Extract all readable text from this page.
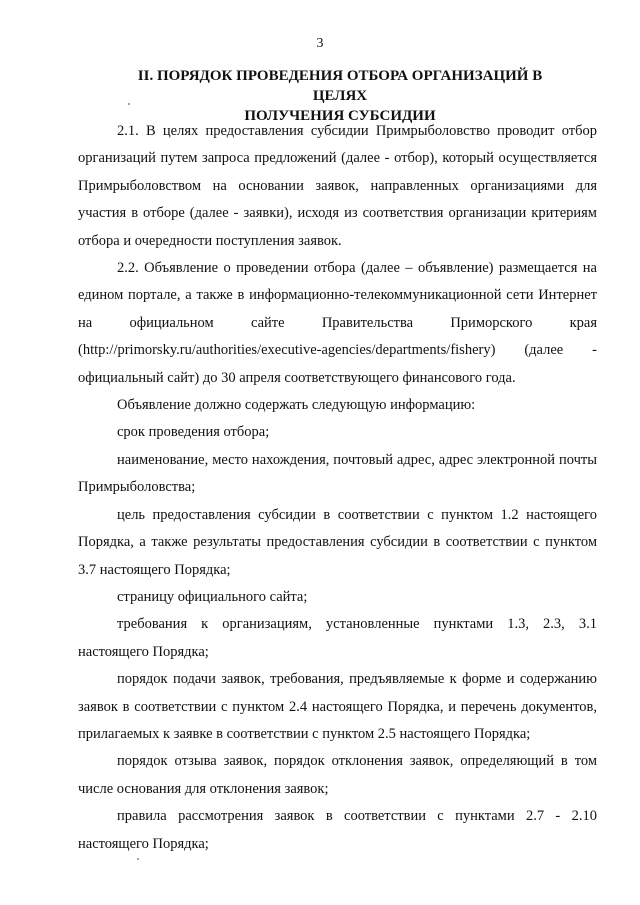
3
II. ПОРЯДОК ПРОВЕДЕНИЯ ОТБОРА ОРГАНИЗАЦИЙ В ЦЕЛЯХ
ПОЛУЧЕНИЯ СУБСИДИИ

2.1. В целях предоставления субсидии Примрыболовство проводит отбор организаций путем запроса предложений (далее - отбор), который осуществляется Примрыболовством на основании заявок, направленных организациями для участия в отборе (далее - заявки), исходя из соответствия организации критериям отбора и очередности поступления заявок.

2.2. Объявление о проведении отбора (далее – объявление) размещается на едином портале, а также в информационно-телекоммуникационной сети Интернет на официальном сайте Правительства Приморского края (http://primorsky.ru/authorities/executive-agencies/departments/fishery) (далее - официальный сайт) до 30 апреля соответствующего финансового года.

Объявление должно содержать следующую информацию:

срок проведения отбора;

наименование, место нахождения, почтовый адрес, адрес электронной почты Примрыболовства;

цель предоставления субсидии в соответствии с пунктом 1.2 настоящего Порядка, а также результаты предоставления субсидии в соответствии с пунктом 3.7 настоящего Порядка;

страницу официального сайта;

требования к организациям, установленные пунктами 1.3, 2.3, 3.1 настоящего Порядка;

порядок подачи заявок, требования, предъявляемые к форме и содержанию заявок в соответствии с пунктом 2.4 настоящего Порядка, и перечень документов, прилагаемых к заявке в соответствии с пунктом 2.5 настоящего Порядка;

порядок отзыва заявок, порядок отклонения заявок, определяющий в том числе основания для отклонения заявок;

правила рассмотрения заявок в соответствии с пунктами 2.7 - 2.10 настоящего Порядка;
